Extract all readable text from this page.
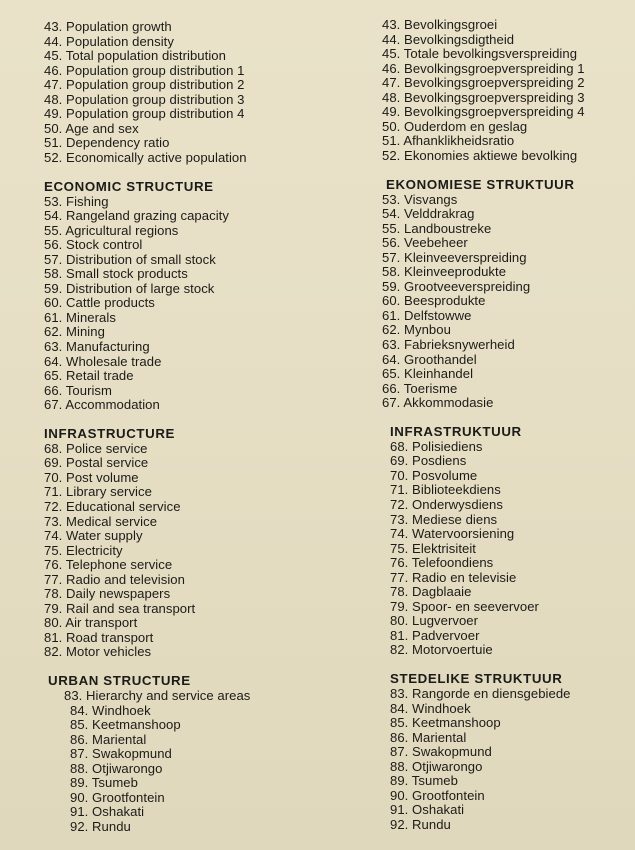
43. Population growth
44. Population density
45. Total population distribution
46. Population group distribution 1
47. Population group distribution 2
48. Population group distribution 3
49. Population group distribution 4
50. Age and sex
51. Dependency ratio
52. Economically active population
ECONOMIC STRUCTURE
53. Fishing
54. Rangeland grazing capacity
55. Agricultural regions
56. Stock control
57. Distribution of small stock
58. Small stock products
59. Distribution of large stock
60. Cattle products
61. Minerals
62. Mining
63. Manufacturing
64. Wholesale trade
65. Retail trade
66. Tourism
67. Accommodation
INFRASTRUCTURE
68. Police service
69. Postal service
70. Post volume
71. Library service
72. Educational service
73. Medical service
74. Water supply
75. Electricity
76. Telephone service
77. Radio and television
78. Daily newspapers
79. Rail and sea transport
80. Air transport
81. Road transport
82. Motor vehicles
URBAN STRUCTURE
83. Hierarchy and service areas
84. Windhoek
85. Keetmanshoop
86. Mariental
87. Swakopmund
88. Otjiwarongo
89. Tsumeb
90. Grootfontein
91. Oshakati
92. Rundu
43. Bevolkingsgroei
44. Bevolkingsdigtheid
45. Totale bevolkingsverspreiding
46. Bevolkingsgroepverspreiding 1
47. Bevolkingsgroepverspreiding 2
48. Bevolkingsgroepverspreiding 3
49. Bevolkingsgroepverspreiding 4
50. Ouderdom en geslag
51. Afhanklikheidsratio
52. Ekonomies aktiewe bevolking
EKONOMIESE STRUKTUUR
53. Visvangs
54. Velddrakrag
55. Landboustreke
56. Veebeheer
57. Kleinveeverspreiding
58. Kleinveeprodukte
59. Grootveeverspreiding
60. Beesprodukte
61. Delfstowwe
62. Mynbou
63. Fabrieksnywerheid
64. Groothandel
65. Kleinhandel
66. Toerisme
67. Akkommodasie
INFRASTRUKTUUR
68. Polisiediens
69. Posdiens
70. Posvolume
71. Biblioteekdiens
72. Onderwysdiens
73. Mediese diens
74. Watervoorsiening
75. Elektrisiteit
76. Telefoondiens
77. Radio en televisie
78. Dagblaaie
79. Spoor- en seevervoer
80. Lugvervoer
81. Padvervoer
82. Motorvoertuie
STEDELIKE STRUKTUUR
83. Rangorde en diensgebiede
84. Windhoek
85. Keetmanshoop
86. Mariental
87. Swakopmund
88. Otjiwarongo
89. Tsumeb
90. Grootfontein
91. Oshakati
92. Rundu
